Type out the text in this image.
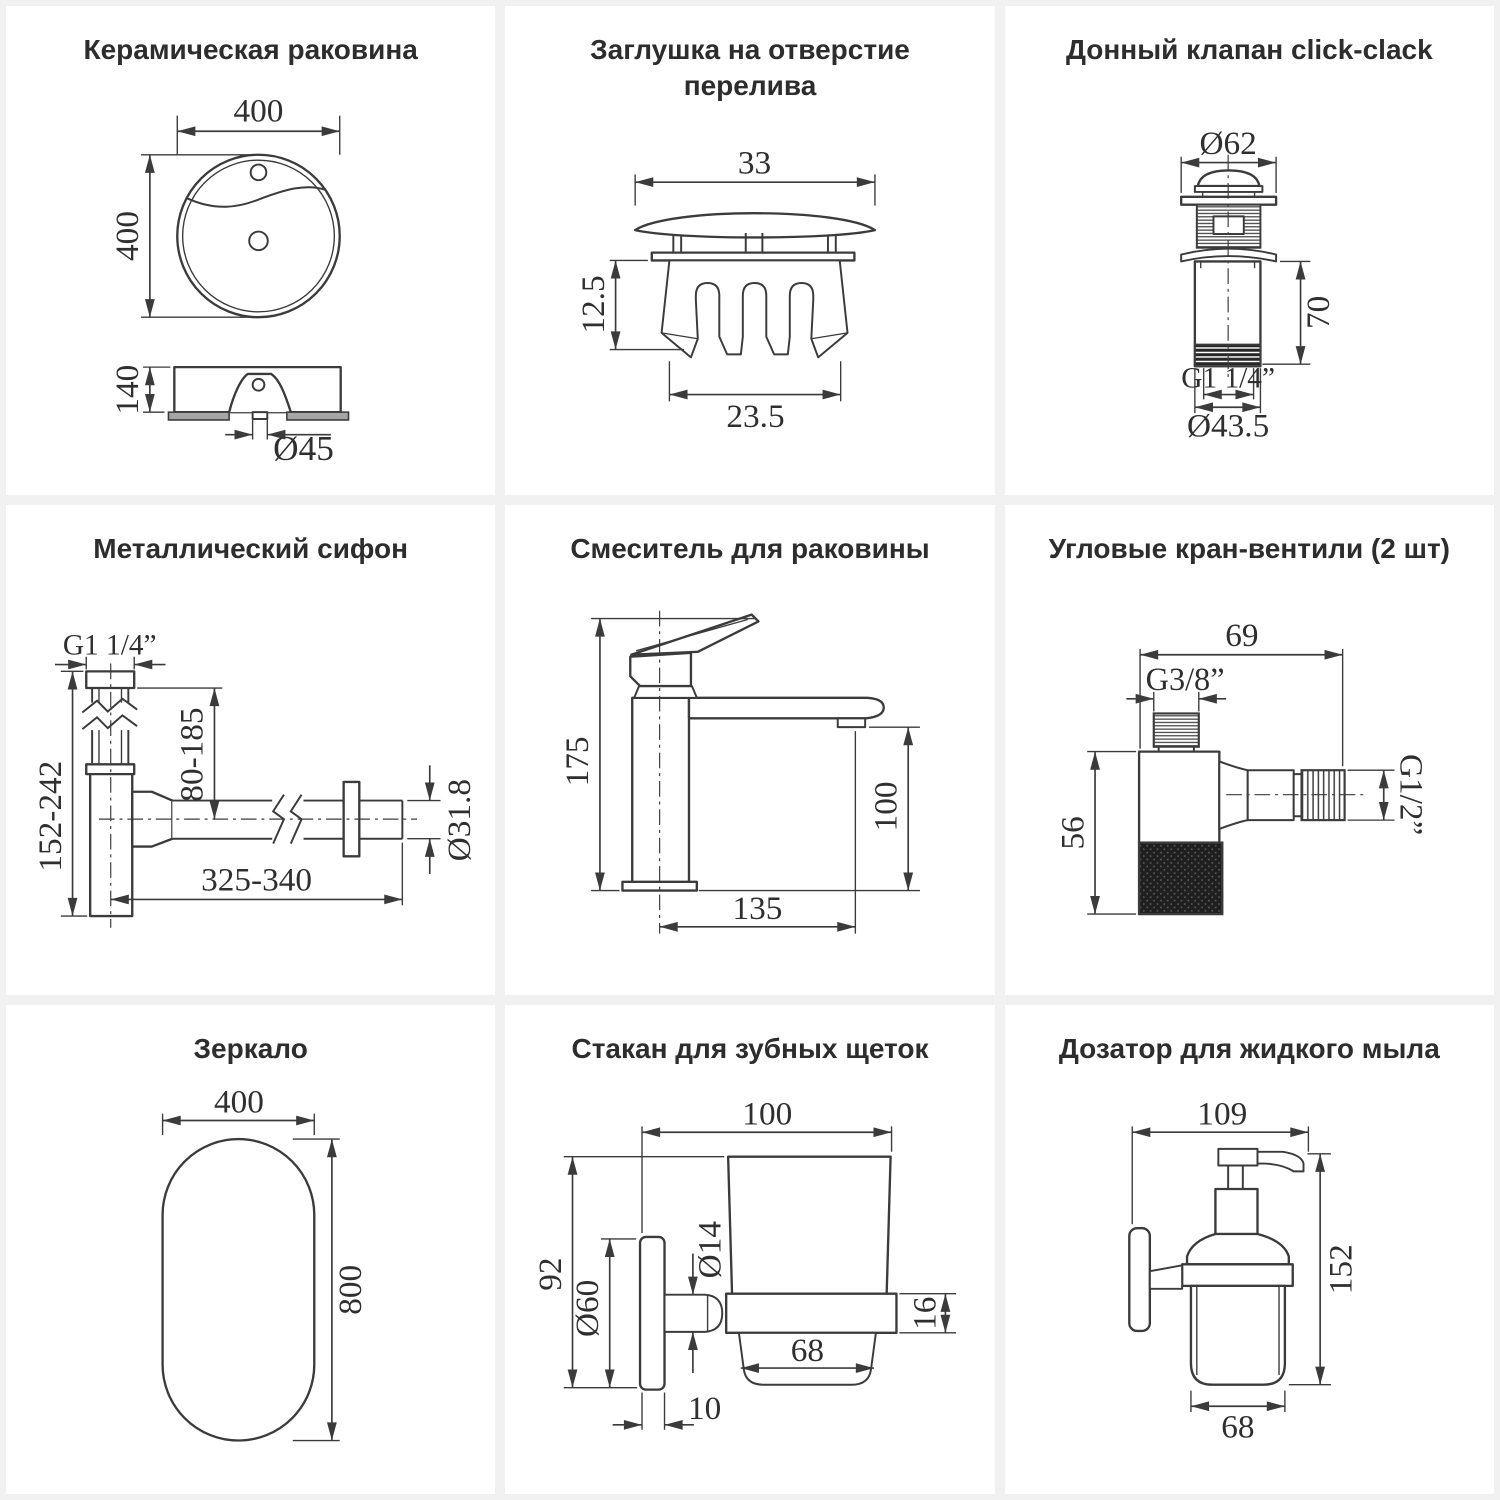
Керамическая раковина
400
400
140
Ø45
Заглушка на отверстие перелива
33
12.5
23.5
Донный клапан click-clack
Ø62
70
G1 1/4”
Ø43.5
Металлический сифон
G1 1/4”
152-242
80-185
Ø31.8
325-340
Смеситель для раковины
175
100
135
Угловые кран-вентили (2 шт)
69
G3/8”
56	G1/2”
Зеркало
400
800
Стакан для зубных щеток
100
92
Ø60
Ø14
16
68
10
Дозатор для жидкого мыла
109
152
68
